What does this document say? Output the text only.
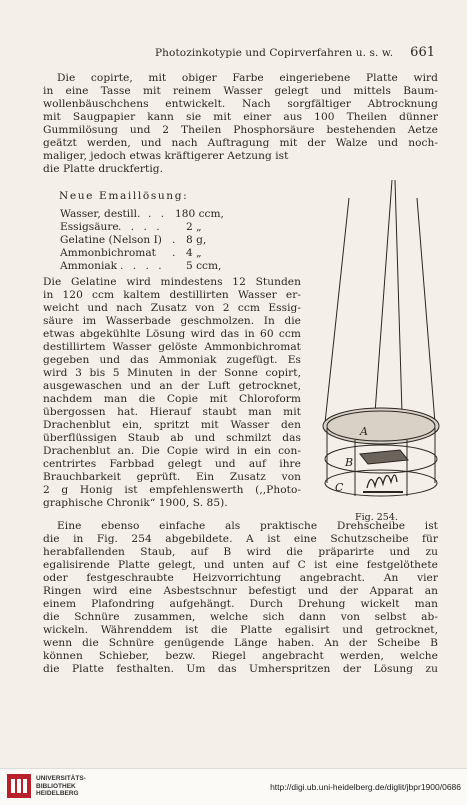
Photozinkotypie und Copirverfahren u. s. w. 661
Die copirte, mit obiger Farbe eingeriebene Platte wird
in eine Tasse mit reinem Wasser gelegt und mittels Baum-
wollenbäuschchens entwickelt. Nach sorgfältiger Abtrocknung
mit Saugpapier kann sie mit einer aus 100 Theilen dünner
Gummilösung und 2 Theilen Phosphorsäure bestehenden Aetze
geätzt werden, und nach Auftragung mit der Walze und noch-
maliger, jedoch etwas kräftigerer Aetzung ist
die Platte druckfertig.
Neue Emaillösung:
Wasser, destill. . . 180 ccm,
Essigsäure . . . . 2 „
Gelatine (Nelson I) . 8 g,
Ammonbichromat . 4 „
Ammoniak . . . . 5 ccm,
Die Gelatine wird mindestens 12 Stunden
in 120 ccm kaltem destillirten Wasser er-
weicht und nach Zusatz von 2 ccm Essig-
säure im Wasserbade geschmolzen. In die
etwas abgekühlte Lösung wird das in 60 ccm
destillirtem Wasser gelöste Ammonbichromat
gegeben und das Ammoniak zugefügt. Es
wird 3 bis 5 Minuten in der Sonne copirt,
ausgewaschen und an der Luft getrocknet,
nachdem man die Copie mit Chloroform
übergossen hat. Hierauf staubt man mit
Drachenblut ein, spritzt mit Wasser den
überflüssigen Staub ab und schmilzt das
Drachenblut an. Die Copie wird in ein con-
centrirtes Farbbad gelegt und auf ihre
Brauchbarkeit geprüft. Ein Zusatz von
2 g Honig ist empfehlenswerth (,,Photo-
graphische Chronik“ 1900, S. 85).
A
B
C
Fig. 254.
Eine ebenso einfache als praktische Drehscheibe ist
die in Fig. 254 abgebildete. A ist eine Schutzscheibe für
herabfallenden Staub, auf B wird die präparirte und zu
egalisirende Platte gelegt, und unten auf C ist eine festgelöthete
oder festgeschraubte Heizvorrichtung angebracht. An vier
Ringen wird eine Asbestschnur befestigt und der Apparat an
einem Plafondring aufgehängt. Durch Drehung wickelt man
die Schnüre zusammen, welche sich dann von selbst ab-
wickeln. Währenddem ist die Platte egalisirt und getrocknet,
wenn die Schnüre genügende Länge haben. An der Scheibe B
können Schieber, bezw. Riegel angebracht werden, welche
die Platte festhalten. Um das Umherspritzen der Lösung zu
UNIVERSITÄTS-
BIBLIOTHEK
HEIDELBERG
http://digi.ub.uni-heidelberg.de/diglit/jbpr1900/0686
